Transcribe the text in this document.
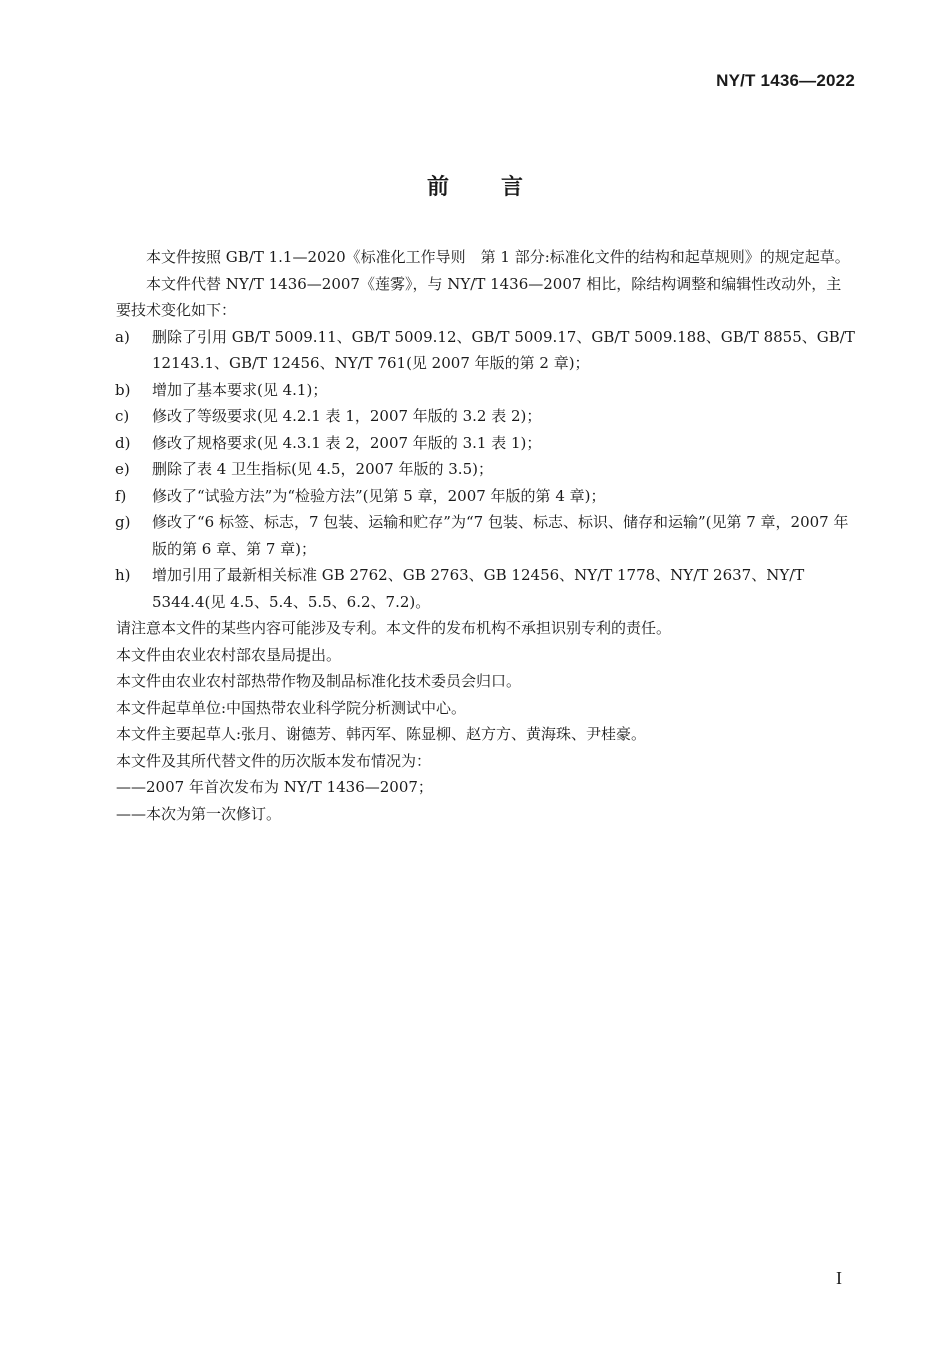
NY/T 1436—2022
前言

本文件按照 GB/T 1.1—2020《标准化工作导则　第 1 部分:标准化文件的结构和起草规则》的规定起草。

本文件代替 NY/T 1436—2007《莲雾》，与 NY/T 1436—2007 相比，除结构调整和编辑性改动外，主要技术变化如下：

a)	删除了引用 GB/T 5009.11、GB/T 5009.12、GB/T 5009.17、GB/T 5009.188、GB/T 8855、GB/T 12143.1、GB/T 12456、NY/T 761(见 2007 年版的第 2 章)；
b)	增加了基本要求(见 4.1)；
c)	修改了等级要求(见 4.2.1 表 1，2007 年版的 3.2 表 2)；
d)	修改了规格要求(见 4.3.1 表 2，2007 年版的 3.1 表 1)；
e)	删除了表 4 卫生指标(见 4.5，2007 年版的 3.5)；
f)	修改了“试验方法”为“检验方法”(见第 5 章，2007 年版的第 4 章)；
g)	修改了“6 标签、标志，7 包装、运输和贮存”为“7 包装、标志、标识、储存和运输”(见第 7 章，2007 年版的第 6 章、第 7 章)；
h)	增加引用了最新相关标准 GB 2762、GB 2763、GB 12456、NY/T 1778、NY/T 2637、NY/T 5344.4(见 4.5、5.4、5.5、6.2、7.2)。

请注意本文件的某些内容可能涉及专利。本文件的发布机构不承担识别专利的责任。

本文件由农业农村部农垦局提出。

本文件由农业农村部热带作物及制品标准化技术委员会归口。

本文件起草单位:中国热带农业科学院分析测试中心。

本文件主要起草人:张月、谢德芳、韩丙军、陈显柳、赵方方、黄海珠、尹桂豪。

本文件及其所代替文件的历次版本发布情况为：

——2007 年首次发布为 NY/T 1436—2007；

——本次为第一次修订。

I
